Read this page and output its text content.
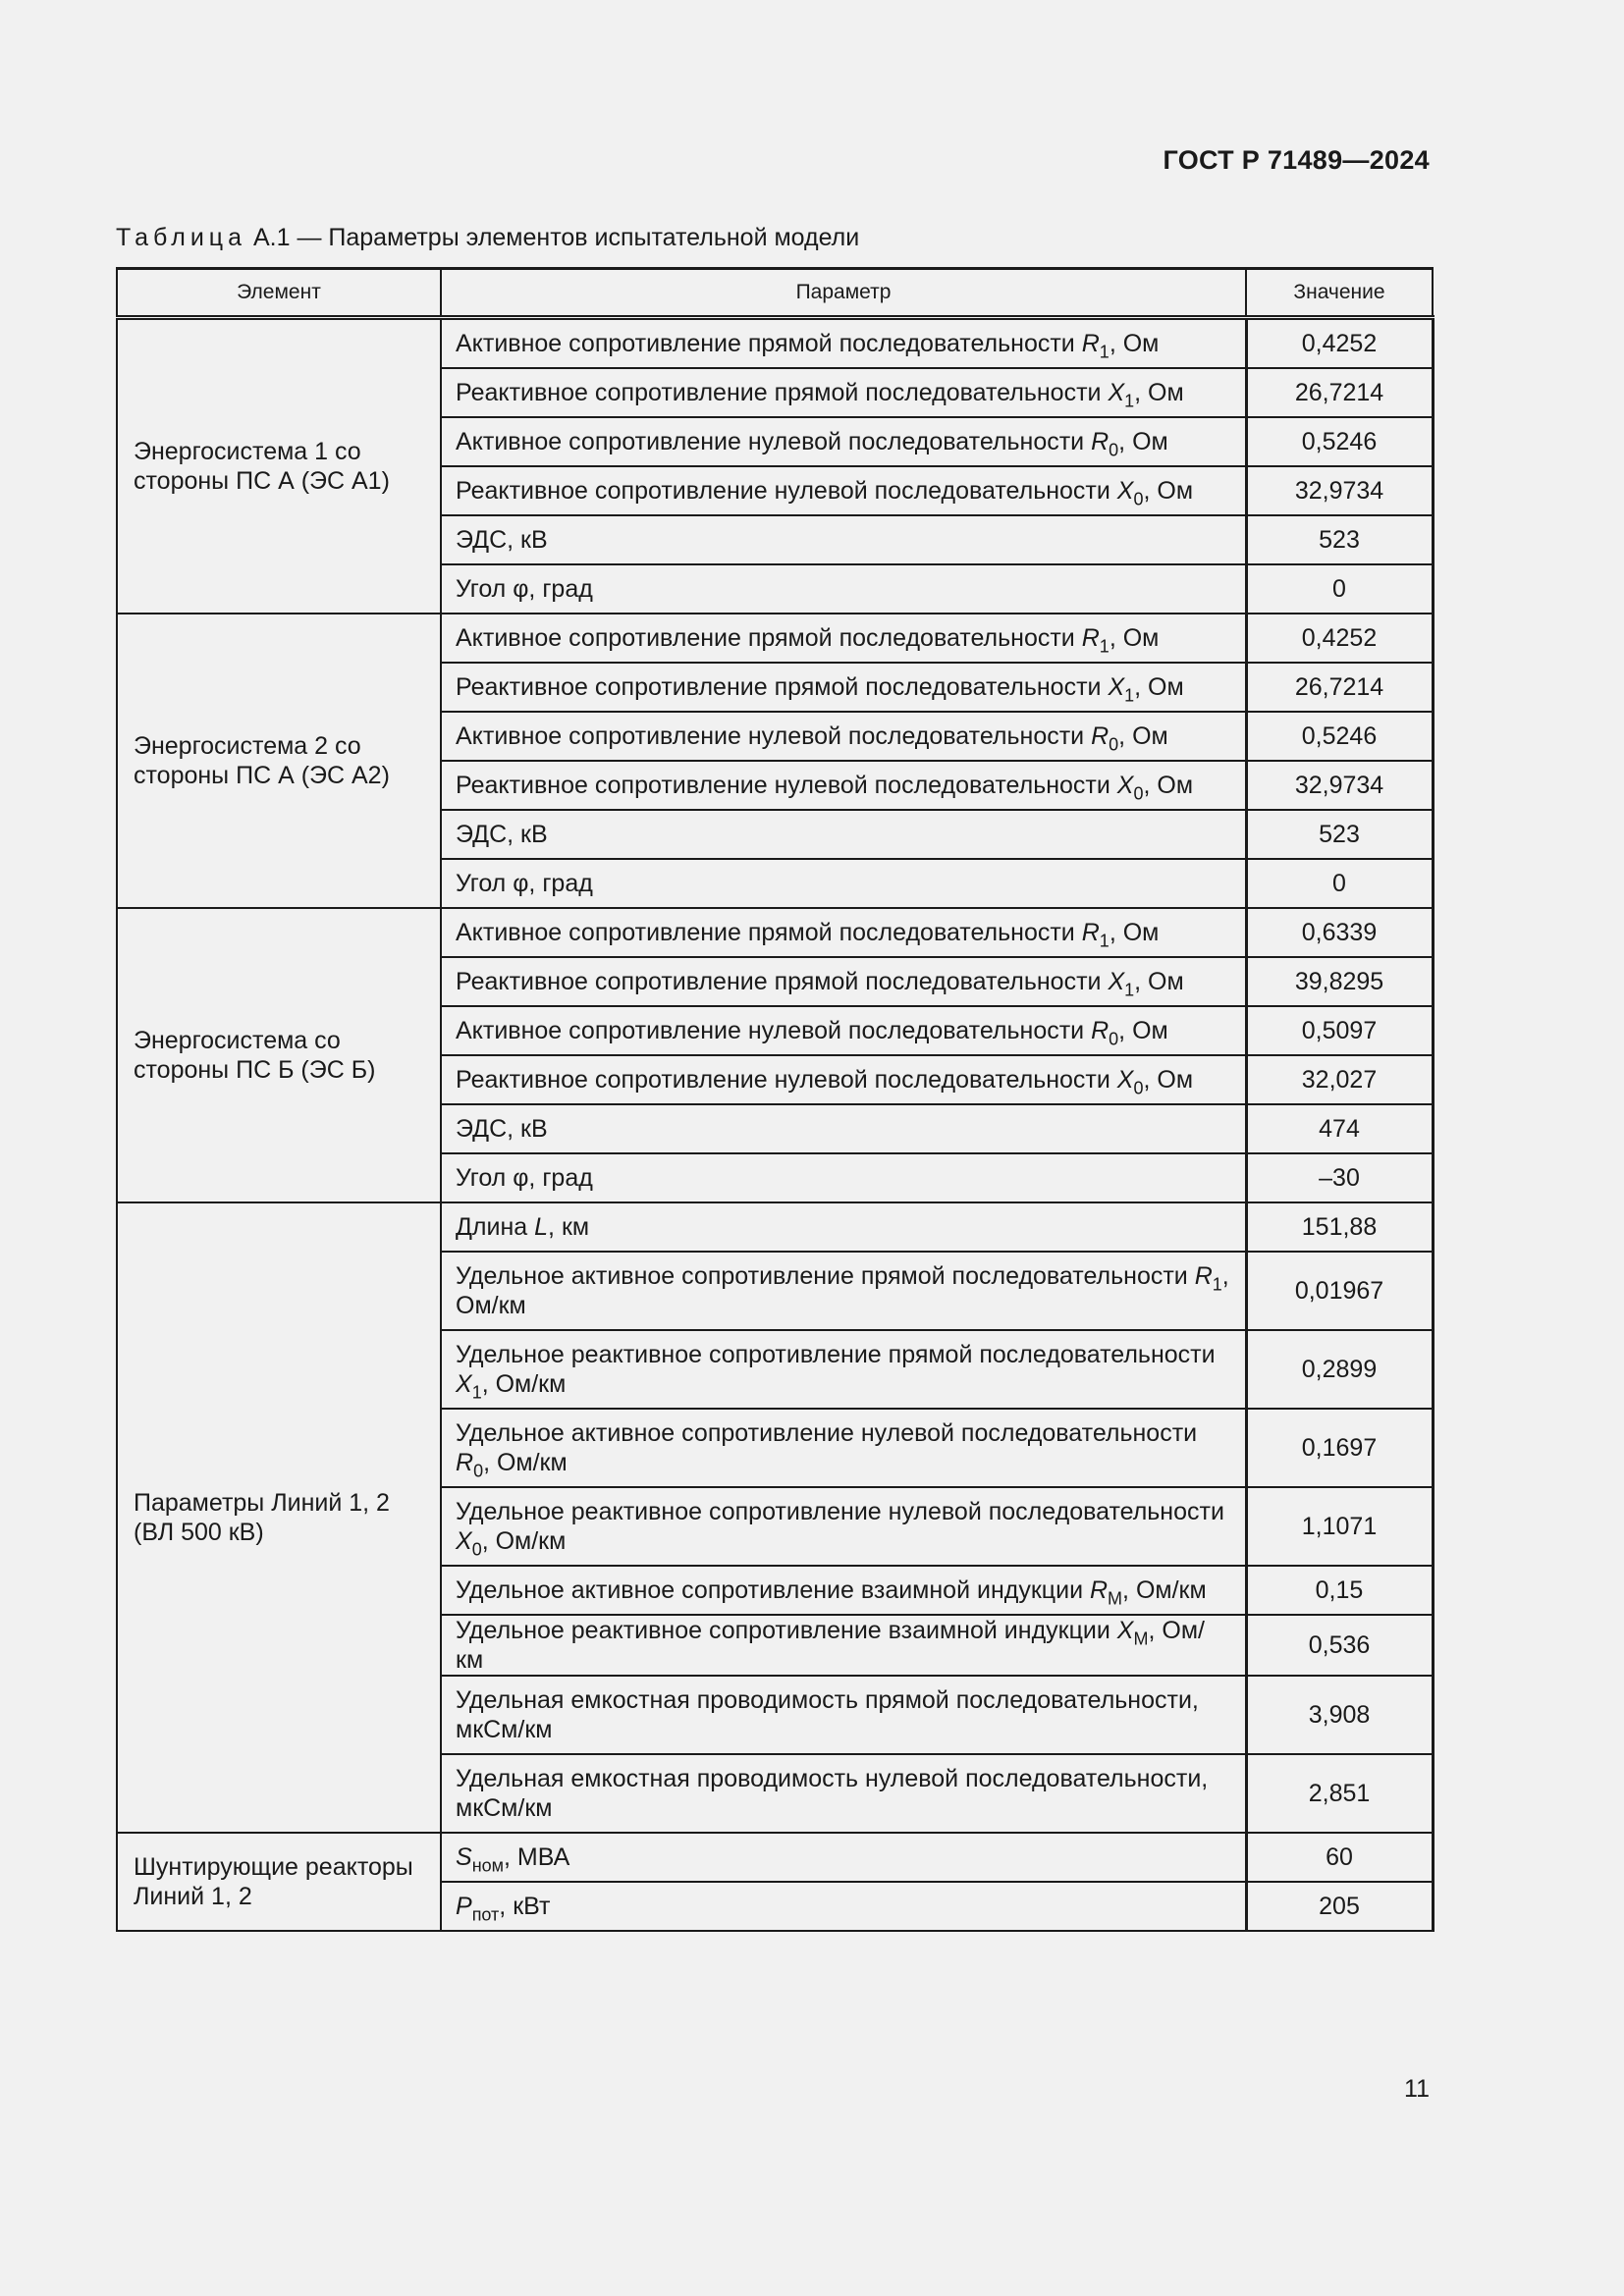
ГОСТ Р 71489—2024
Таблица А.1 — Параметры элементов испытательной модели
Элемент	Параметр	Значение
Энергосистема 1 со стороны ПС А (ЭС А1)	Активное сопротивление прямой последовательности $R_1$, Ом	0,4252
	Реактивное сопротивление прямой последовательности $X_1$, Ом	26,7214
	Активное сопротивление нулевой последовательности $R_0$, Ом	0,5246
	Реактивное сопротивление нулевой последовательности $X_0$, Ом	32,9734
	ЭДС, кВ	523
	Угол φ, град	0
Энергосистема 2 со стороны ПС А (ЭС А2)	Активное сопротивление прямой последовательности $R_1$, Ом	0,4252
	Реактивное сопротивление прямой последовательности $X_1$, Ом	26,7214
	Активное сопротивление нулевой последовательности $R_0$, Ом	0,5246
	Реактивное сопротивление нулевой последовательности $X_0$, Ом	32,9734
	ЭДС, кВ	523
	Угол φ, град	0
Энергосистема со стороны ПС Б (ЭС Б)	Активное сопротивление прямой последовательности $R_1$, Ом	0,6339
	Реактивное сопротивление прямой последовательности $X_1$, Ом	39,8295
	Активное сопротивление нулевой последовательности $R_0$, Ом	0,5097
	Реактивное сопротивление нулевой последовательности $X_0$, Ом	32,027
	ЭДС, кВ	474
	Угол φ, град	–30
Параметры Линий 1, 2 (ВЛ 500 кВ)	Длина L, км	151,88
	Удельное активное сопротивление прямой последовательности $R_1$, Ом/км	0,01967
	Удельное реактивное сопротивление прямой последовательности $X_1$, Ом/км	0,2899
	Удельное активное сопротивление нулевой последовательности $R_0$, Ом/км	0,1697
	Удельное реактивное сопротивление нулевой последовательности $X_0$, Ом/км	1,1071
	Удельное активное сопротивление взаимной индукции $R_М$, Ом/км	0,15
	Удельное реактивное сопротивление взаимной индукции $X_М$, Ом/км	0,536
	Удельная емкостная проводимость прямой последовательности, мкСм/км	3,908
	Удельная емкостная проводимость нулевой последовательности, мкСм/км	2,851
Шунтирующие реакторы Линий 1, 2	$S_{ном}$, МВА	60
	$P_{пот}$, кВт	205
11
